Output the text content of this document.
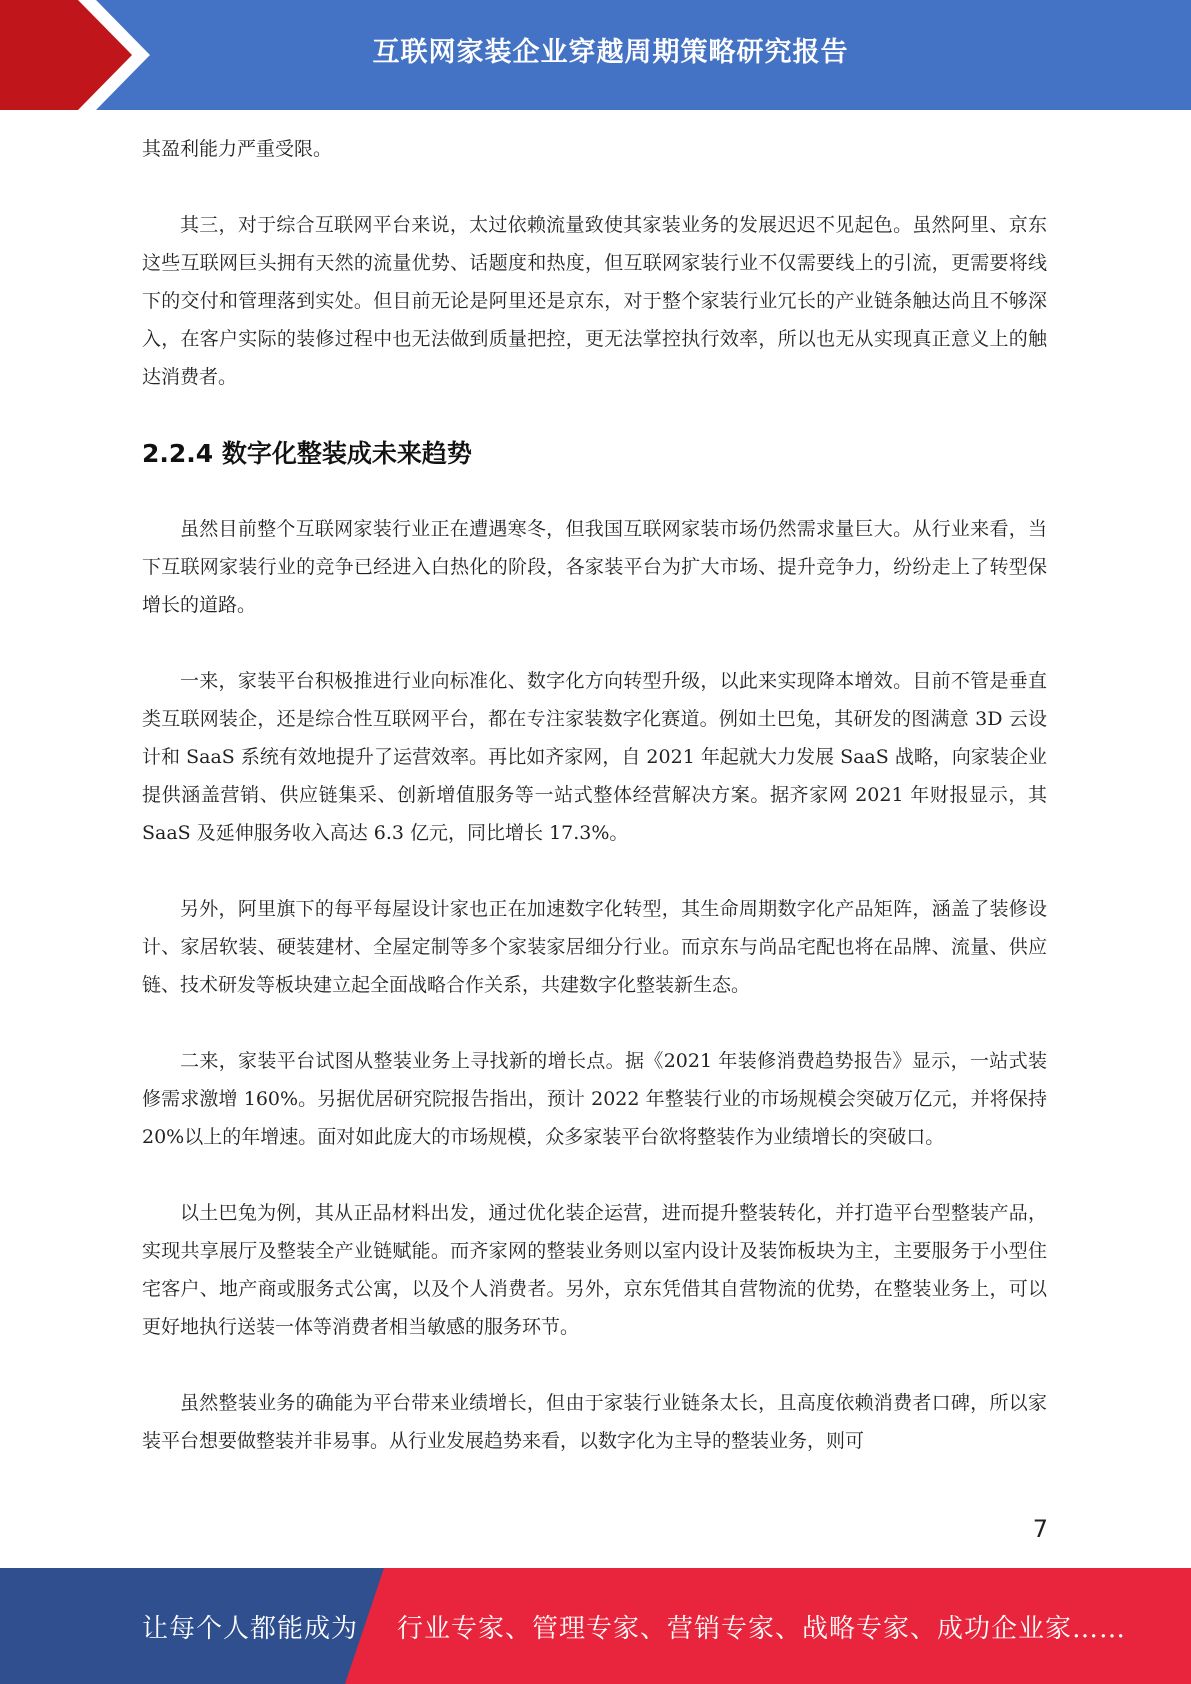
互联网家装企业穿越周期策略研究报告

其盈利能力严重受限。

其三，对于综合互联网平台来说，太过依赖流量致使其家装业务的发展迟迟不见起色。虽然阿里、京东这些互联网巨头拥有天然的流量优势、话题度和热度，但互联网家装行业不仅需要线上的引流，更需要将线下的交付和管理落到实处。但目前无论是阿里还是京东，对于整个家装行业冗长的产业链条触达尚且不够深入，在客户实际的装修过程中也无法做到质量把控，更无法掌控执行效率，所以也无从实现真正意义上的触达消费者。

2.2.4 数字化整装成未来趋势

虽然目前整个互联网家装行业正在遭遇寒冬，但我国互联网家装市场仍然需求量巨大。从行业来看，当下互联网家装行业的竞争已经进入白热化的阶段，各家装平台为扩大市场、提升竞争力，纷纷走上了转型保增长的道路。

一来，家装平台积极推进行业向标准化、数字化方向转型升级，以此来实现降本增效。目前不管是垂直类互联网装企，还是综合性互联网平台，都在专注家装数字化赛道。例如土巴兔，其研发的图满意 3D 云设计和 SaaS 系统有效地提升了运营效率。再比如齐家网，自 2021 年起就大力发展 SaaS 战略，向家装企业提供涵盖营销、供应链集采、创新增值服务等一站式整体经营解决方案。据齐家网 2021 年财报显示，其 SaaS 及延伸服务收入高达 6.3 亿元，同比增长 17.3%。

另外，阿里旗下的每平每屋设计家也正在加速数字化转型，其生命周期数字化产品矩阵，涵盖了装修设计、家居软装、硬装建材、全屋定制等多个家装家居细分行业。而京东与尚品宅配也将在品牌、流量、供应链、技术研发等板块建立起全面战略合作关系，共建数字化整装新生态。

二来，家装平台试图从整装业务上寻找新的增长点。据《2021 年装修消费趋势报告》显示，一站式装修需求激增 160%。另据优居研究院报告指出，预计 2022 年整装行业的市场规模会突破万亿元，并将保持 20%以上的年增速。面对如此庞大的市场规模，众多家装平台欲将整装作为业绩增长的突破口。

以土巴兔为例，其从正品材料出发，通过优化装企运营，进而提升整装转化，并打造平台型整装产品，实现共享展厅及整装全产业链赋能。而齐家网的整装业务则以室内设计及装饰板块为主，主要服务于小型住宅客户、地产商或服务式公寓，以及个人消费者。另外，京东凭借其自营物流的优势，在整装业务上，可以更好地执行送装一体等消费者相当敏感的服务环节。

虽然整装业务的确能为平台带来业绩增长，但由于家装行业链条太长，且高度依赖消费者口碑，所以家装平台想要做整装并非易事。从行业发展趋势来看，以数字化为主导的整装业务，则可

7
让每个人都能成为 行业专家、管理专家、营销专家、战略专家、成功企业家……
